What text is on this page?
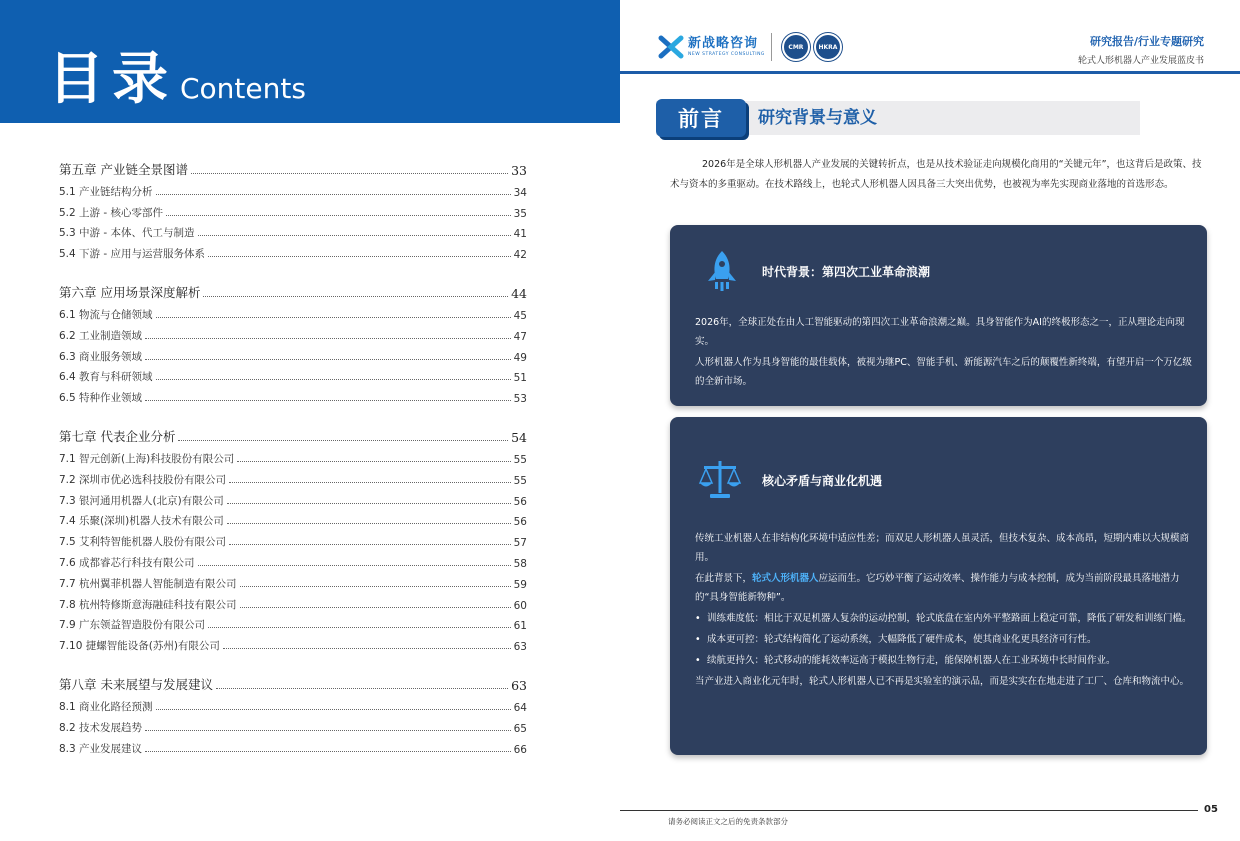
目录 Contents
第五章 产业链全景图谱	33
5.1 产业链结构分析	34
5.2 上游 - 核心零部件	35
5.3 中游 - 本体、代工与制造	41
5.4 下游 - 应用与运营服务体系	42
第六章 应用场景深度解析	44
6.1 物流与仓储领域	45
6.2 工业制造领域	47
6.3 商业服务领域	49
6.4 教育与科研领域	51
6.5 特种作业领域	53
第七章 代表企业分析	54
7.1 智元创新(上海)科技股份有限公司	55
7.2 深圳市优必选科技股份有限公司	55
7.3 银河通用机器人(北京)有限公司	56
7.4 乐聚(深圳)机器人技术有限公司	56
7.5 艾利特智能机器人股份有限公司	57
7.6 成都睿芯行科技有限公司	58
7.7 杭州翼菲机器人智能制造有限公司	59
7.8 杭州特修斯意海融硅科技有限公司	60
7.9 广东领益智造股份有限公司	61
7.10 捷螺智能设备(苏州)有限公司	63
第八章 未来展望与发展建议	63
8.1 商业化路径预测	64
8.2 技术发展趋势	65
8.3 产业发展建议	66
新战略咨询
NEW STRATEGY CONSULTING
CMR	HKRA	研究报告/行业专题研究
轮式人形机器人产业发展蓝皮书
前言	研究背景与意义
2026年是全球人形机器人产业发展的关键转折点，也是从技术验证走向规模化商用的“关键元年”，也这背后是政策、技术与资本的多重驱动。在技术路线上，也轮式人形机器人因具备三大突出优势，也被视为率先实现商业落地的首选形态。
时代背景：第四次工业革命浪潮

2026年，全球正处在由人工智能驱动的第四次工业革命浪潮之巅。具身智能作为AI的终极形态之一，正从理论走向现实。

人形机器人作为具身智能的最佳载体，被视为继PC、智能手机、新能源汽车之后的颠覆性新终端，有望开启一个万亿级的全新市场。

核心矛盾与商业化机遇

传统工业机器人在非结构化环境中适应性差；而双足人形机器人虽灵活，但技术复杂、成本高昂，短期内难以大规模商用。

在此背景下，轮式人形机器人应运而生。它巧妙平衡了运动效率、操作能力与成本控制，成为当前阶段最具落地潜力的“具身智能新物种”。

• 训练难度低：相比于双足机器人复杂的运动控制，轮式底盘在室内外平整路面上稳定可靠，降低了研发和训练门槛。

• 成本更可控：轮式结构简化了运动系统，大幅降低了硬件成本，使其商业化更具经济可行性。

• 续航更持久：轮式移动的能耗效率远高于模拟生物行走，能保障机器人在工业环境中长时间作业。

当产业进入商业化元年时，轮式人形机器人已不再是实验室的演示品，而是实实在在地走进了工厂、仓库和物流中心。

05
请务必阅读正文之后的免责条款部分
